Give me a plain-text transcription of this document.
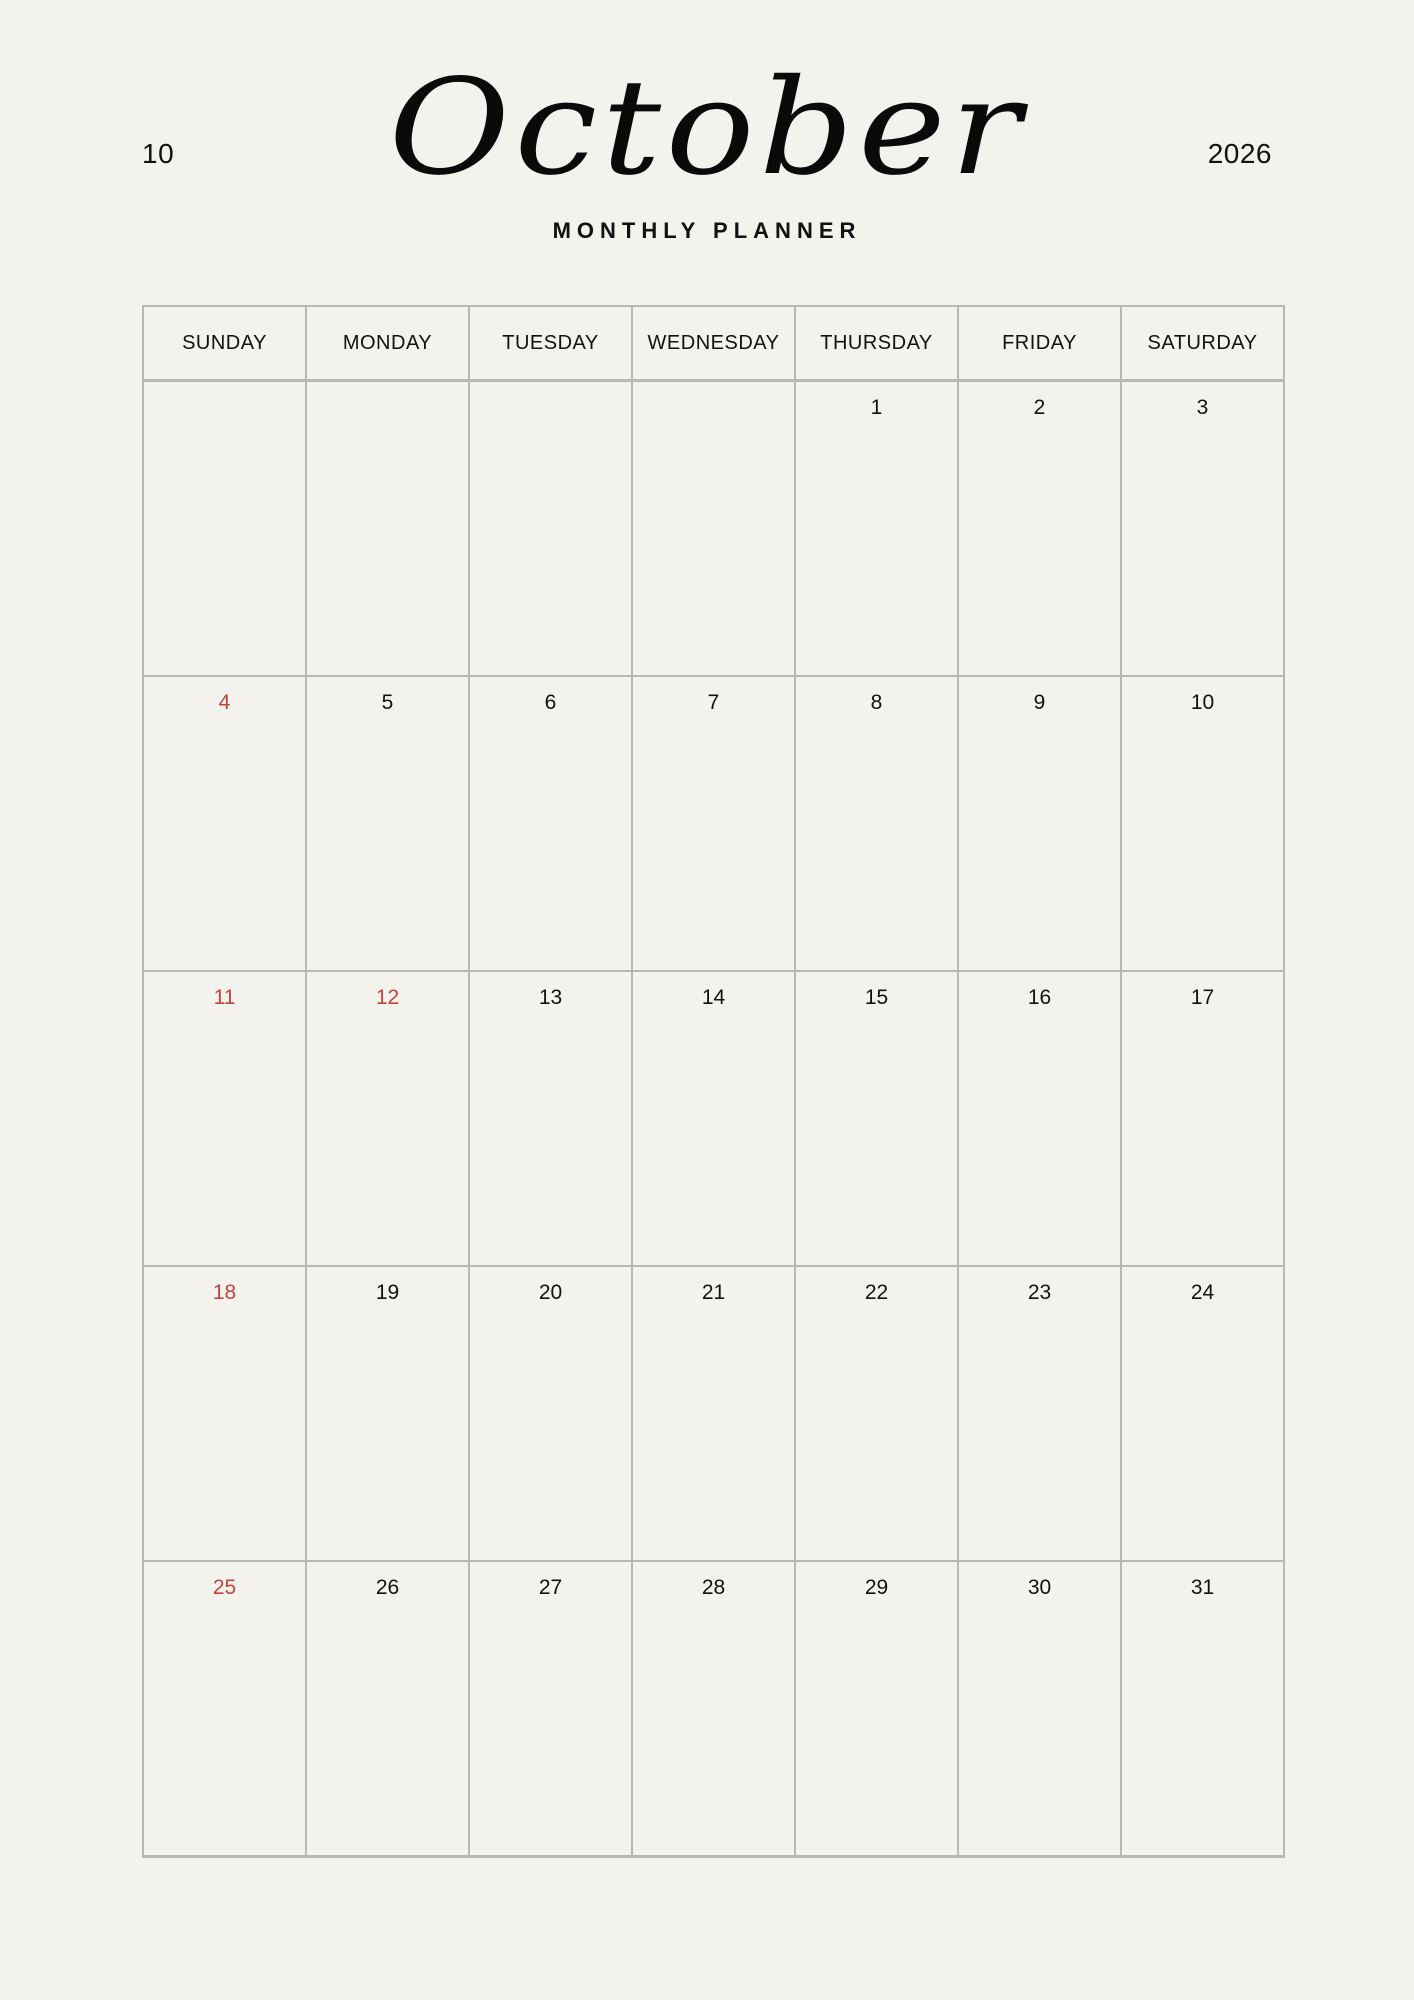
10	October
MONTHLY PLANNER
2026
SUNDAY	MONDAY	TUESDAY	WEDNESDAY	THURSDAY	FRIDAY	SATURDAY
				1	2	3
4	5	6	7	8	9	10
11	12	13	14	15	16	17
18	19	20	21	22	23	24
25	26	27	28	29	30	31
